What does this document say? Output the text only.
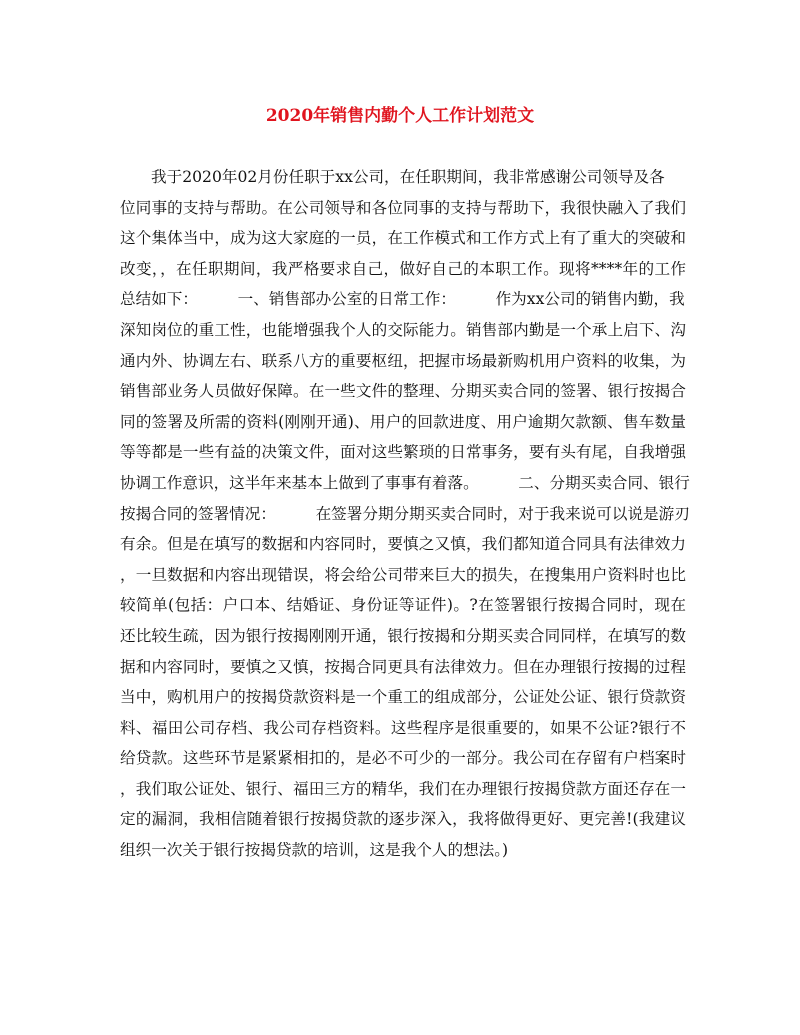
2020年销售内勤个人工作计划范文
我于2020年02月份任职于xx公司，在任职期间，我非常感谢公司领导及各
位同事的支持与帮助。在公司领导和各位同事的支持与帮助下，我很快融入了我们
这个集体当中，成为这大家庭的一员，在工作模式和工作方式上有了重大的突破和
改变，，在任职期间，我严格要求自己，做好自己的本职工作。现将****年的工作
总结如下：        一、销售部办公室的日常工作：        作为xx公司的销售内勤，我
深知岗位的重工性，也能增强我个人的交际能力。销售部内勤是一个承上启下、沟
通内外、协调左右、联系八方的重要枢纽，把握市场最新购机用户资料的收集，为
销售部业务人员做好保障。在一些文件的整理、分期买卖合同的签署、银行按揭合
同的签署及所需的资料(刚刚开通)、用户的回款进度、用户逾期欠款额、售车数量
等等都是一些有益的决策文件，面对这些繁琐的日常事务，要有头有尾，自我增强
协调工作意识，这半年来基本上做到了事事有着落。        二、分期买卖合同、银行
按揭合同的签署情况：        在签署分期分期买卖合同时，对于我来说可以说是游刃
有余。但是在填写的数据和内容同时，要慎之又慎，我们都知道合同具有法律效力
，一旦数据和内容出现错误，将会给公司带来巨大的损失，在搜集用户资料时也比
较简单(包括：户口本、结婚证、身份证等证件)。?在签署银行按揭合同时，现在
还比较生疏，因为银行按揭刚刚开通，银行按揭和分期买卖合同同样，在填写的数
据和内容同时，要慎之又慎，按揭合同更具有法律效力。但在办理银行按揭的过程
当中，购机用户的按揭贷款资料是一个重工的组成部分，公证处公证、银行贷款资
料、福田公司存档、我公司存档资料。这些程序是很重要的，如果不公证?银行不
给贷款。这些环节是紧紧相扣的，是必不可少的一部分。我公司在存留有户档案时
，我们取公证处、银行、福田三方的精华，我们在办理银行按揭贷款方面还存在一
定的漏洞，我相信随着银行按揭贷款的逐步深入，我将做得更好、更完善!(我建议
组织一次关于银行按揭贷款的培训，这是我个人的想法。)
